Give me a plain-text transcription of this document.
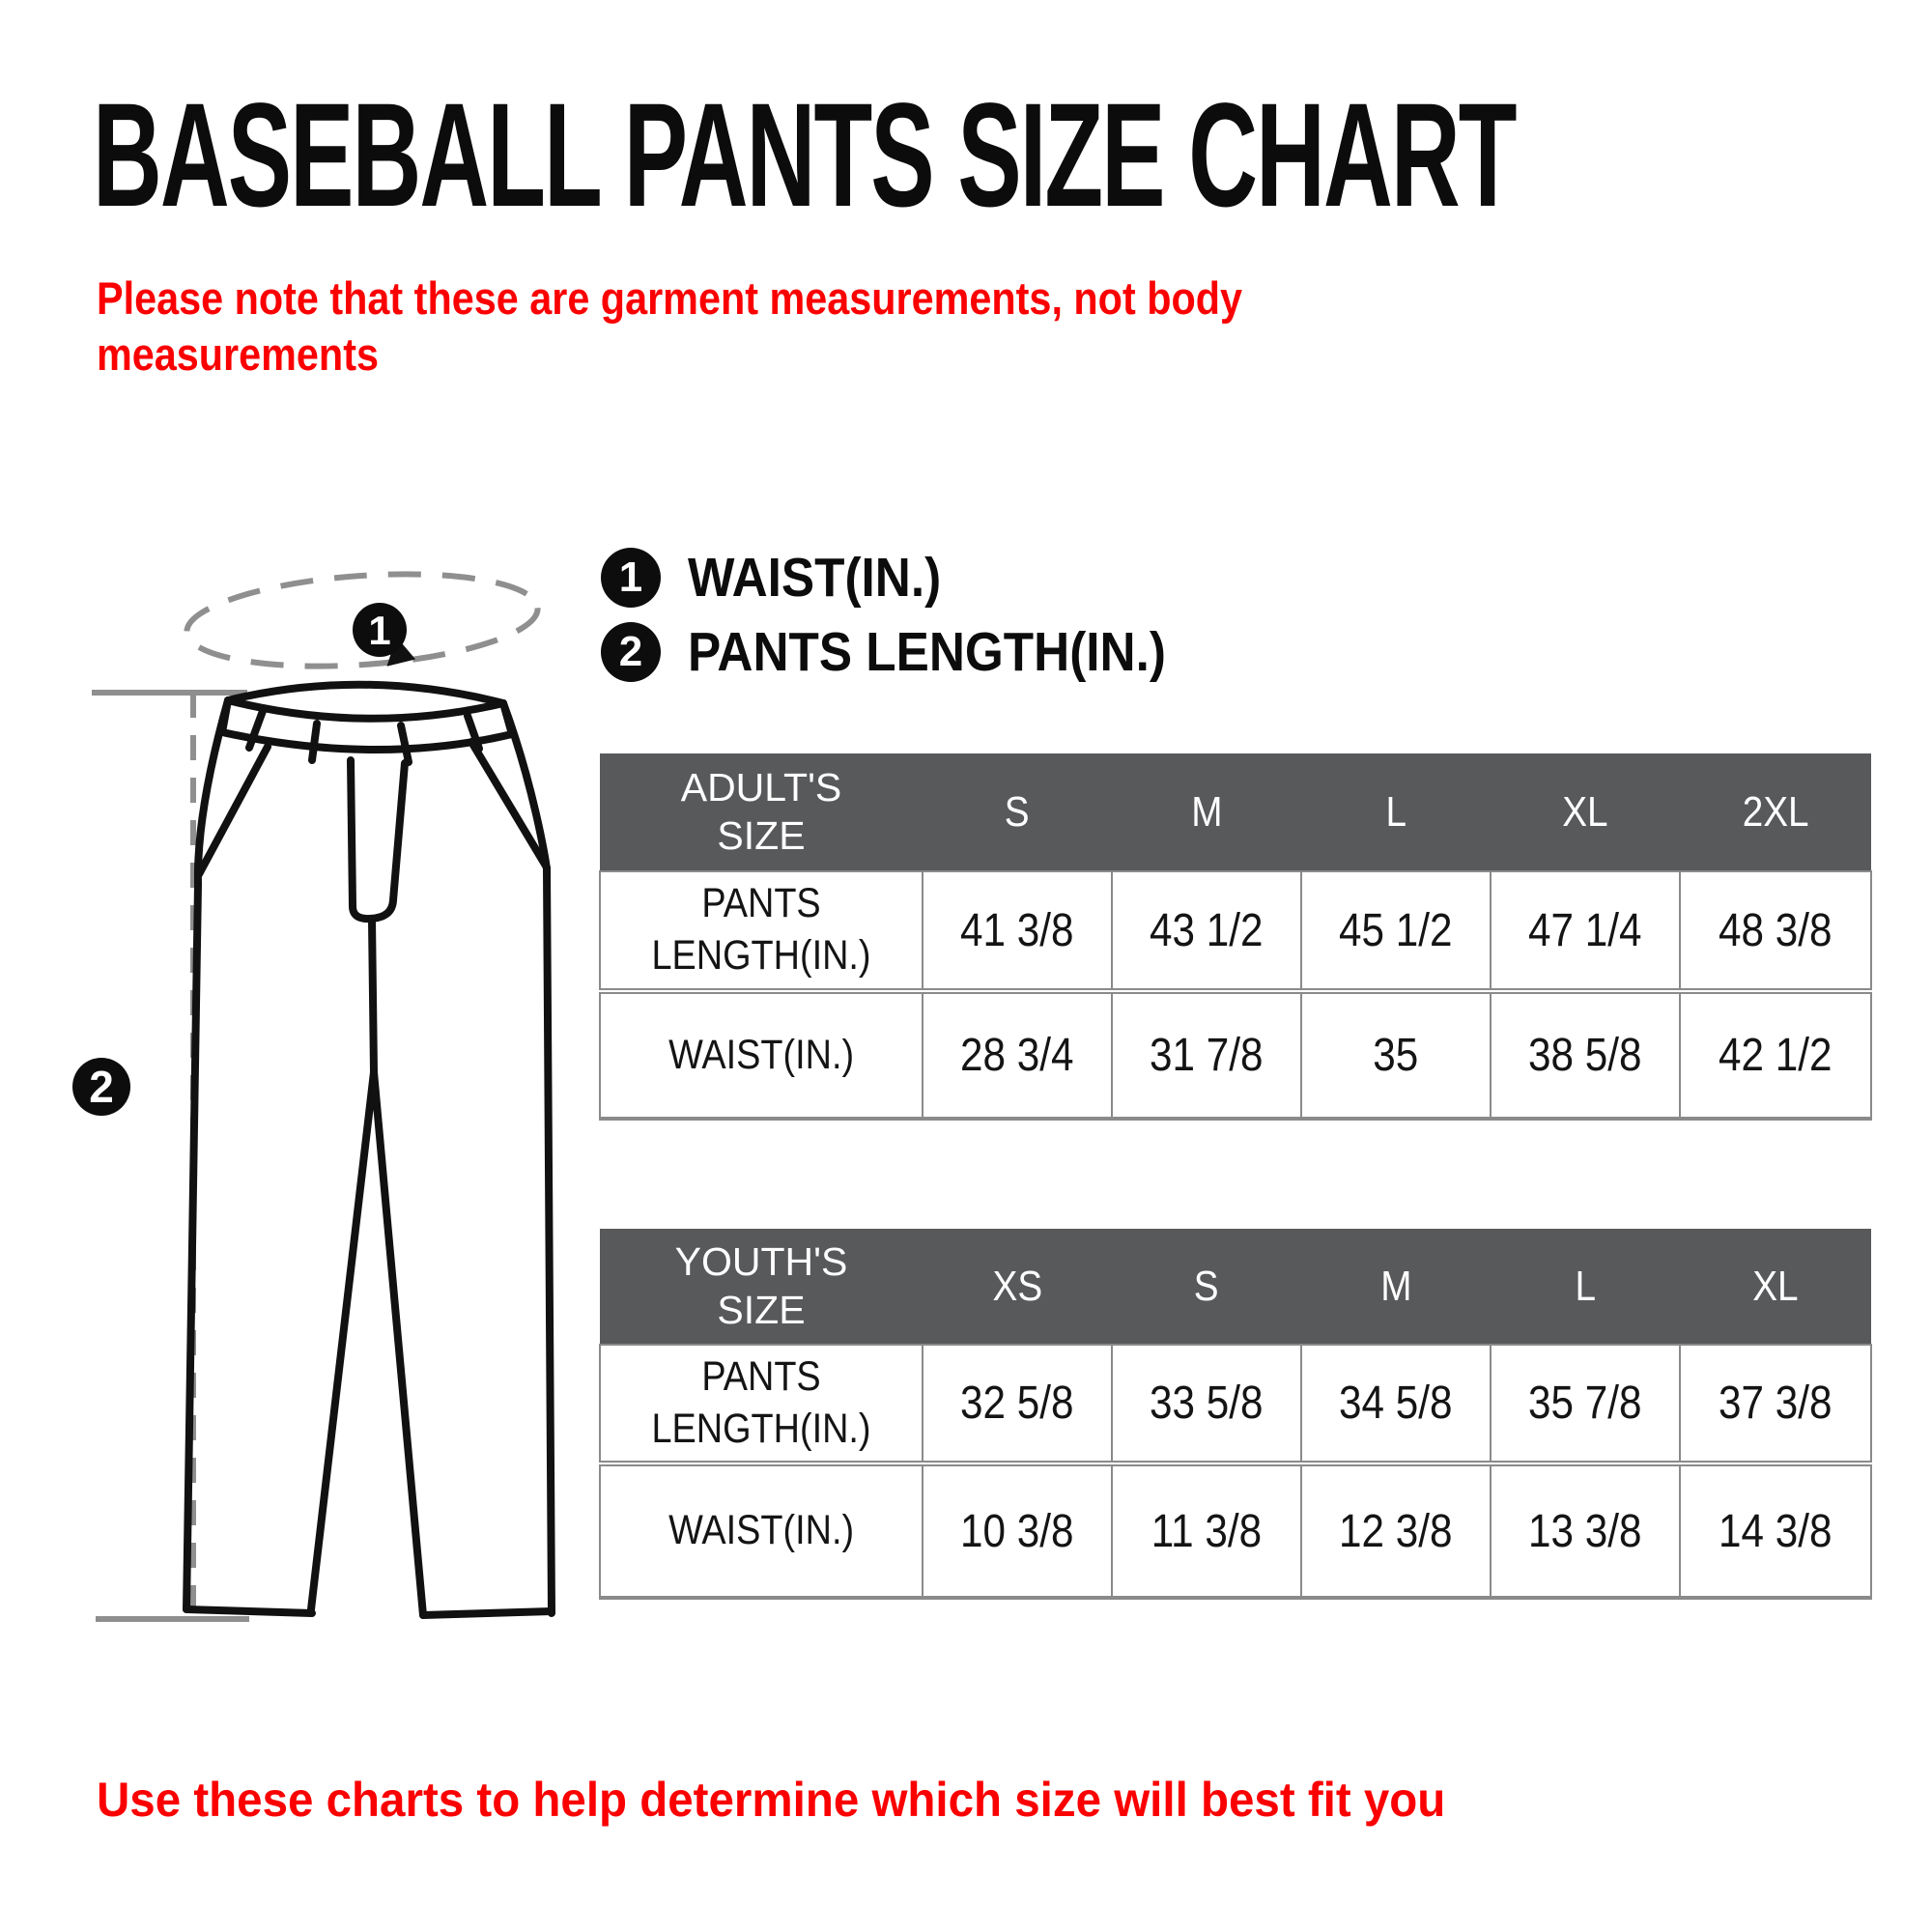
BASEBALL PANTS SIZE CHART
Please note that these are garment measurements, not body
measurements
1 WAIST(IN.)
2 PANTS LENGTH(IN.)
1
2
ADULT'S SIZE	S	M	L	XL	2XL
PANTS LENGTH(IN.)	41 3/8	43 1/2	45 1/2	47 1/4	48 3/8
WAIST(IN.)	28 3/4	31 7/8	35	38 5/8	42 1/2
YOUTH'S SIZE	XS	S	M	L	XL
PANTS LENGTH(IN.)	32 5/8	33 5/8	34 5/8	35 7/8	37 3/8
WAIST(IN.)	10 3/8	11 3/8	12 3/8	13 3/8	14 3/8
Use these charts to help determine which size will best fit you
